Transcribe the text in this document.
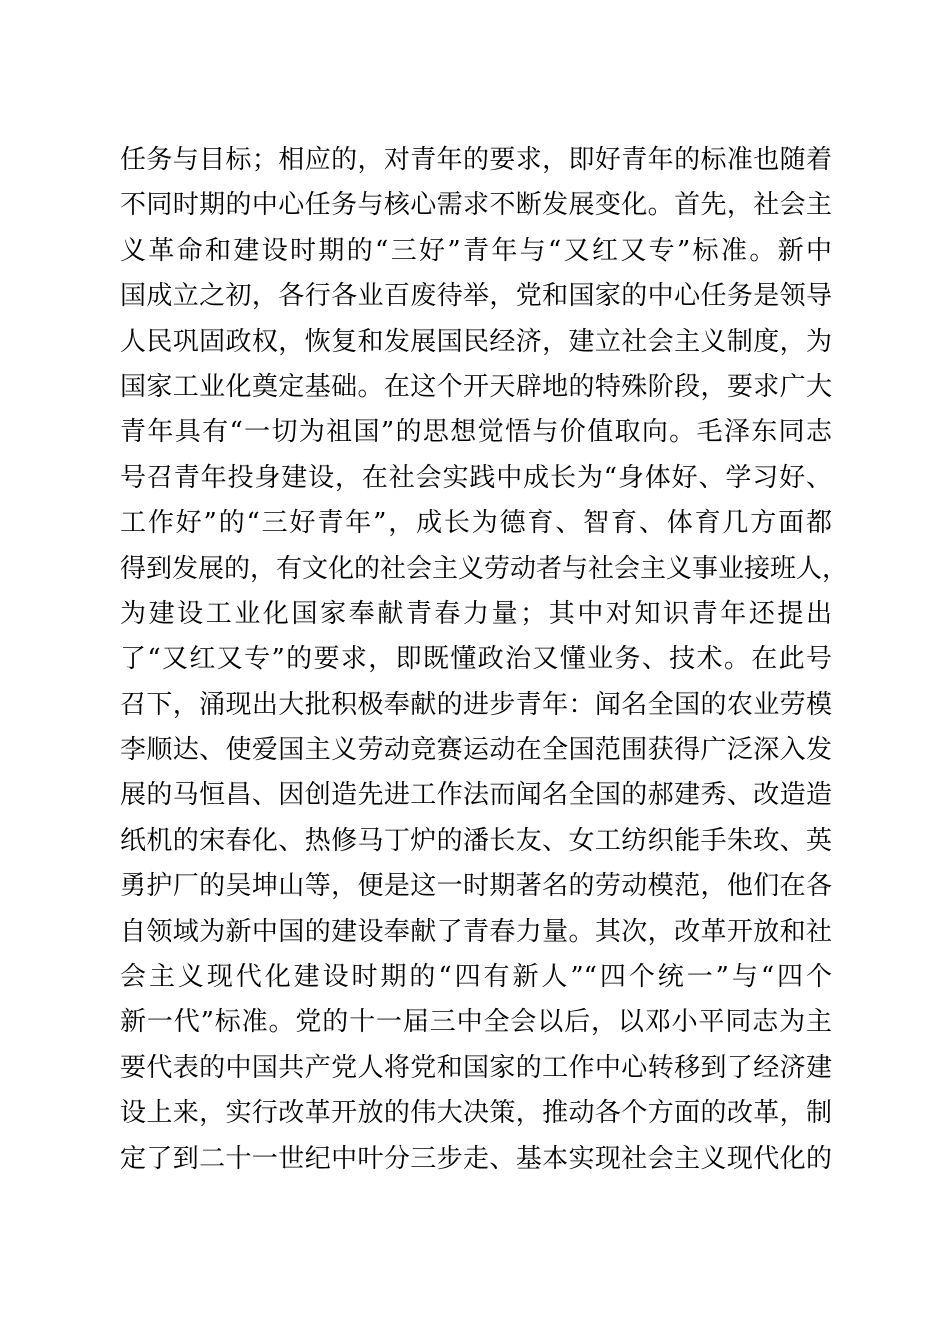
任务与目标；相应的，对青年的要求，即好青年的标准也随着
不同时期的中心任务与核心需求不断发展变化。首先，社会主
义革命和建设时期的“三好”青年与“又红又专”标准。新中
国成立之初，各行各业百废待举，党和国家的中心任务是领导
人民巩固政权，恢复和发展国民经济，建立社会主义制度，为
国家工业化奠定基础。在这个开天辟地的特殊阶段，要求广大
青年具有“一切为祖国”的思想觉悟与价值取向。毛泽东同志
号召青年投身建设，在社会实践中成长为“身体好、学习好、
工作好”的“三好青年”，成长为德育、智育、体育几方面都
得到发展的，有文化的社会主义劳动者与社会主义事业接班人，
为建设工业化国家奉献青春力量；其中对知识青年还提出
了“又红又专”的要求，即既懂政治又懂业务、技术。在此号
召下，涌现出大批积极奉献的进步青年：闻名全国的农业劳模
李顺达、使爱国主义劳动竞赛运动在全国范围获得广泛深入发
展的马恒昌、因创造先进工作法而闻名全国的郝建秀、改造造
纸机的宋春化、热修马丁炉的潘长友、女工纺织能手朱玫、英
勇护厂的吴坤山等，便是这一时期著名的劳动模范，他们在各
自领域为新中国的建设奉献了青春力量。其次，改革开放和社
会主义现代化建设时期的“四有新人”“四个统一”与“四个
新一代”标准。党的十一届三中全会以后，以邓小平同志为主
要代表的中国共产党人将党和国家的工作中心转移到了经济建
设上来，实行改革开放的伟大决策，推动各个方面的改革，制
定了到二十一世纪中叶分三步走、基本实现社会主义现代化的
